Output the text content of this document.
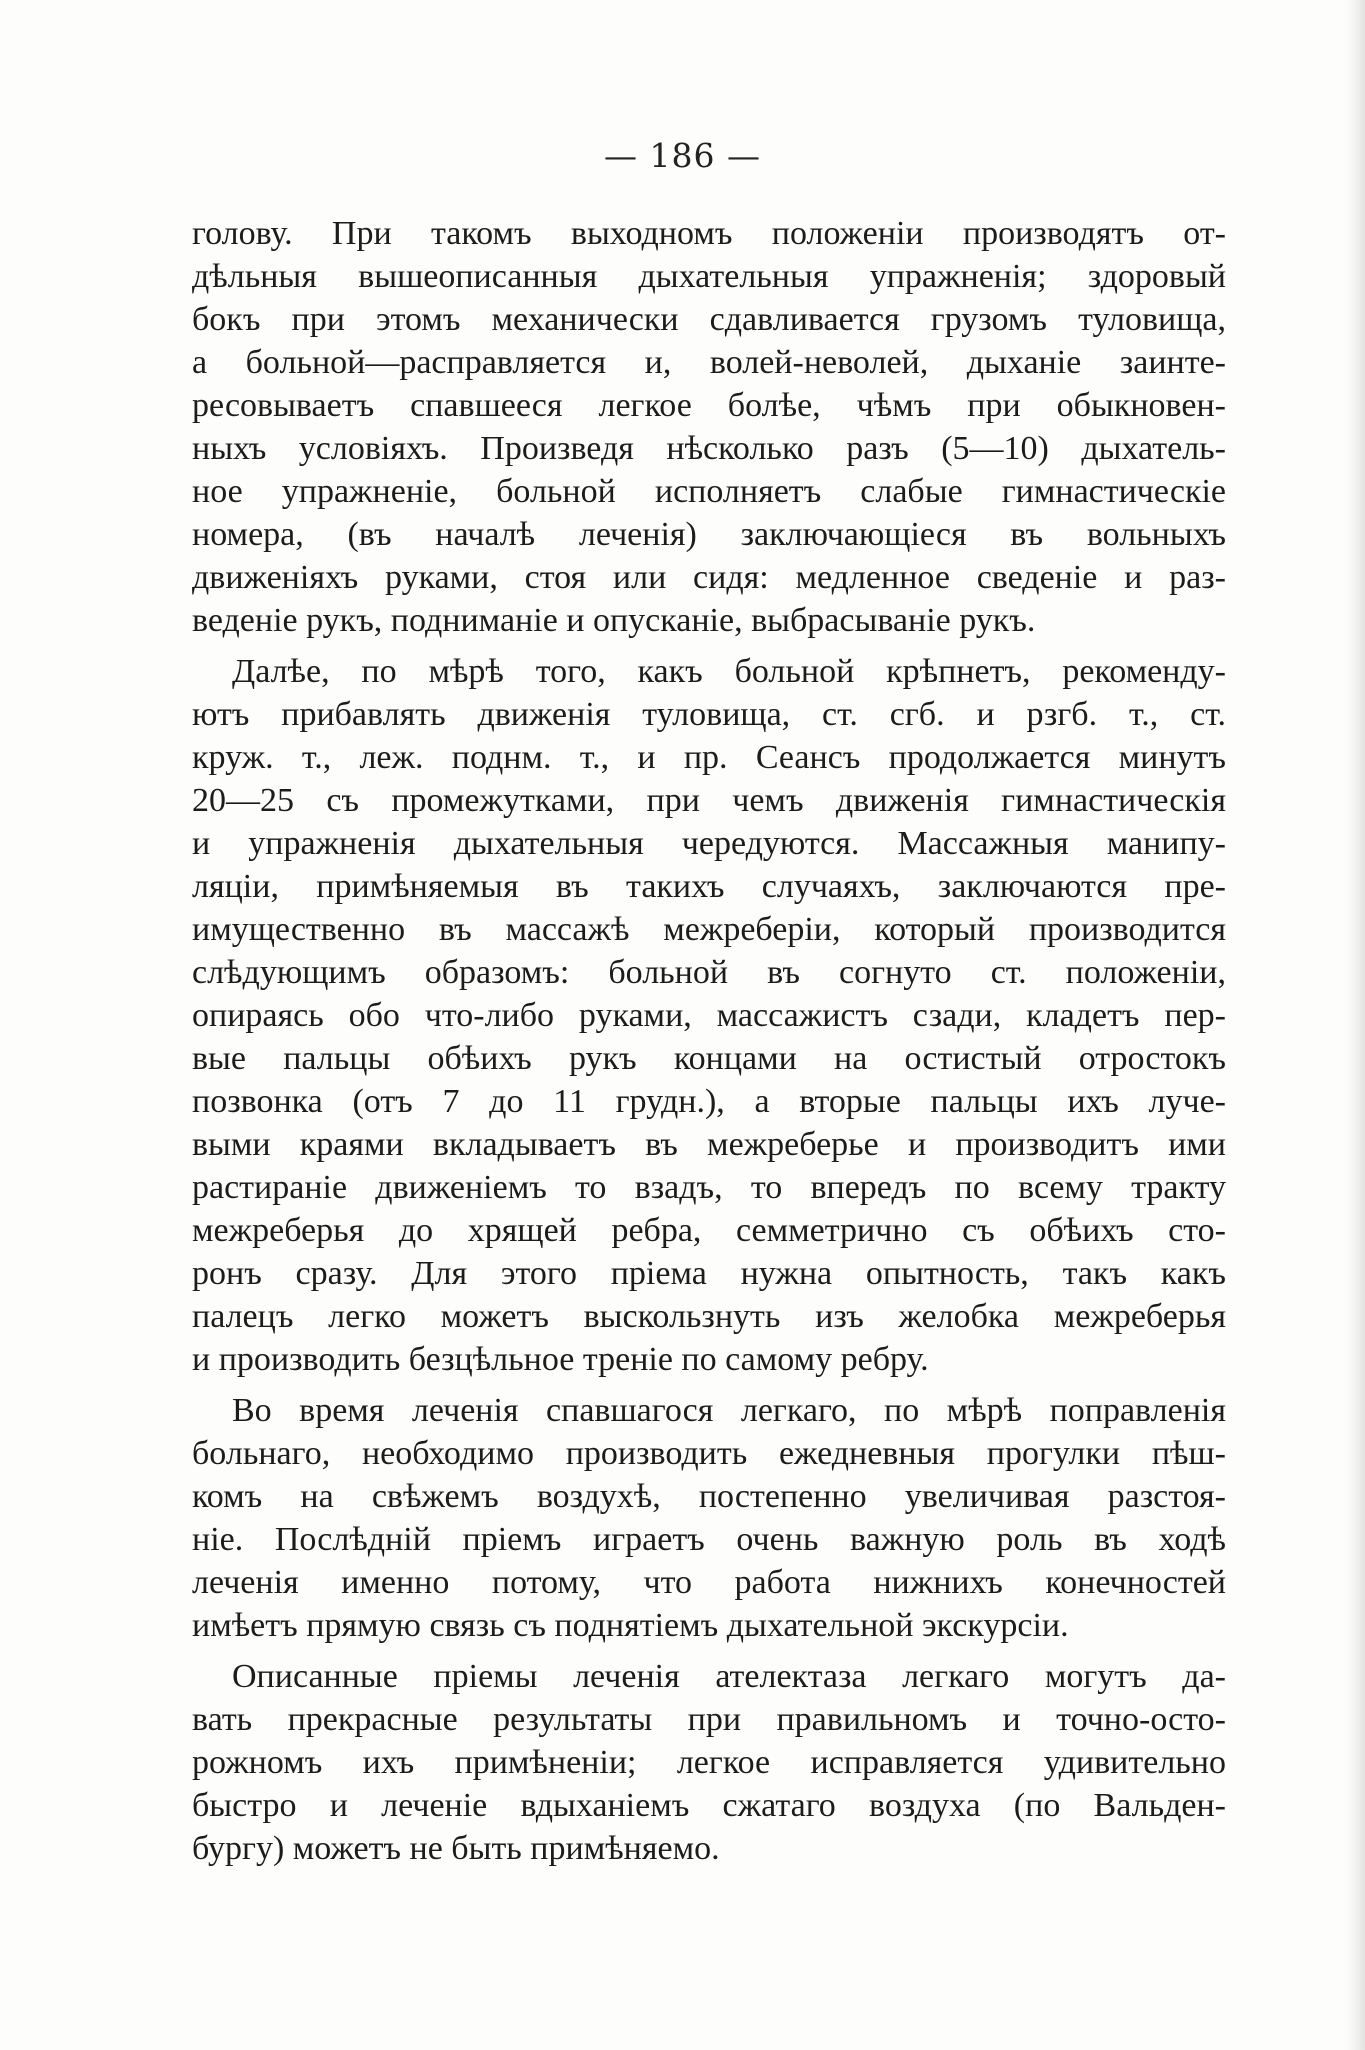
— 186 —
голову. При такомъ выходномъ положеніи производятъ от-
дѣльныя вышеописанныя дыхательныя упражненія; здоровый
бокъ при этомъ механически сдавливается грузомъ туловища,
а больной—расправляется и, волей-неволей, дыханіе заинте-
ресовываетъ спавшееся легкое болѣе, чѣмъ при обыкновен-
ныхъ условіяхъ. Произведя нѣсколько разъ (5—10) дыхатель-
ное упражненіе, больной исполняетъ слабые гимнастическіе
номера, (въ началѣ леченія) заключающіеся въ вольныхъ
движеніяхъ руками, стоя или сидя: медленное сведеніе и раз-
веденіе рукъ, подниманіе и опусканіе, выбрасываніе рукъ.
Далѣе, по мѣрѣ того, какъ больной крѣпнетъ, рекоменду-
ютъ прибавлять движенія туловища, ст. сгб. и рзгб. т., ст.
круж. т., леж. поднм. т., и пр. Сеансъ продолжается минутъ
20—25 съ промежутками, при чемъ движенія гимнастическія
и упражненія дыхательныя чередуются. Массажныя манипу-
ляціи, примѣняемыя въ такихъ случаяхъ, заключаются пре-
имущественно въ массажѣ межреберіи, который производится
слѣдующимъ образомъ: больной въ согнуто ст. положеніи,
опираясь обо что-либо руками, массажистъ сзади, кладетъ пер-
вые пальцы обѣихъ рукъ концами на остистый отростокъ
позвонка (отъ 7 до 11 грудн.), а вторые пальцы ихъ луче-
выми краями вкладываетъ въ межреберье и производитъ ими
растираніе движеніемъ то взадъ, то впередъ по всему тракту
межреберья до хрящей ребра, семметрично съ обѣихъ сто-
ронъ сразу. Для этого пріема нужна опытность, такъ какъ
палецъ легко можетъ выскользнуть изъ желобка межреберья
и производить безцѣльное треніе по самому ребру.
Во время леченія спавшагося легкаго, по мѣрѣ поправленія
больнаго, необходимо производить ежедневныя прогулки пѣш-
комъ на свѣжемъ воздухѣ, постепенно увеличивая разстоя-
ніе. Послѣдній пріемъ играетъ очень важную роль въ ходѣ
леченія именно потому, что работа нижнихъ конечностей
имѣетъ прямую связь съ поднятіемъ дыхательной экскурсіи.
Описанные пріемы леченія ателектаза легкаго могутъ да-
вать прекрасные результаты при правильномъ и точно-осто-
рожномъ ихъ примѣненіи; легкое исправляется удивительно
быстро и леченіе вдыханіемъ сжатаго воздуха (по Вальден-
бургу) можетъ не быть примѣняемо.
